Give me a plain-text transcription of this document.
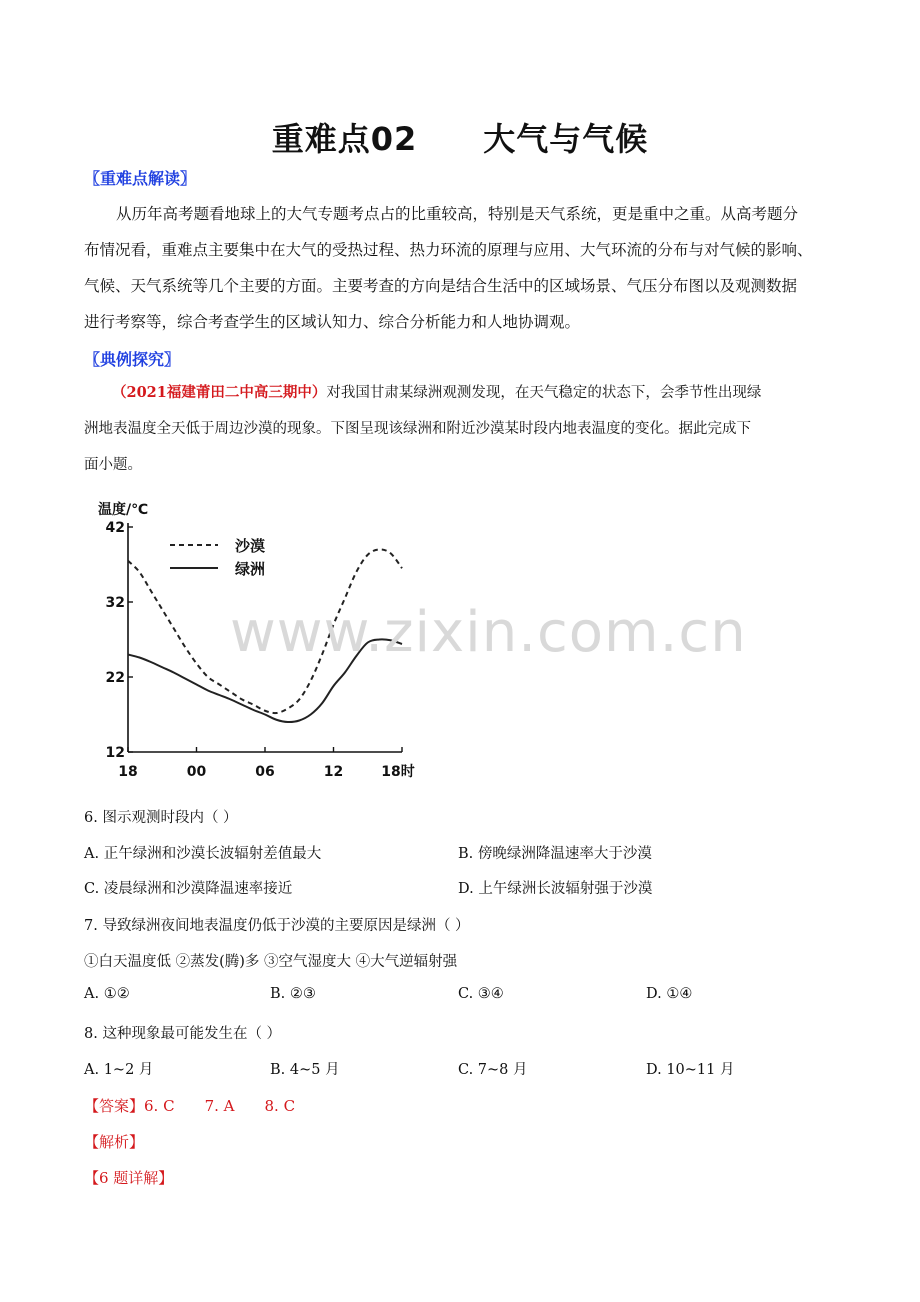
重难点02 大气与气候
〖重难点解读〗

从历年高考题看地球上的大气专题考点占的比重较高，特别是天气系统，更是重中之重。从高考题分

布情况看，重难点主要集中在大气的受热过程、热力环流的原理与应用、大气环流的分布与对气候的影响、

气候、天气系统等几个主要的方面。主要考查的方向是结合生活中的区域场景、气压分布图以及观测数据

进行考察等，综合考查学生的区域认知力、综合分析能力和人地协调观。

〖典例探究〗
（2021福建莆田二中高三期中）对我国甘肃某绿洲观测发现，在天气稳定的状态下，会季节性出现绿
洲地表温度全天低于周边沙漠的现象。下图呈现该绿洲和附近沙漠某时段内地表温度的变化。据此完成下
面小题。
温度/℃
42
32
22
12
18	00	06	12	18时
沙漠
绿洲
www.zixin.com.cn
6. 图示观测时段内（ ）
A. 正午绿洲和沙漠长波辐射差值最大	B. 傍晚绿洲降温速率大于沙漠
C. 凌晨绿洲和沙漠降温速率接近	D. 上午绿洲长波辐射强于沙漠
7. 导致绿洲夜间地表温度仍低于沙漠的主要原因是绿洲（ ）
①白天温度低 ②蒸发(腾)多 ③空气湿度大 ④大气逆辐射强
A. ①②	B. ②③	C. ③④	D. ①④
8. 这种现象最可能发生在（ ）
A. 1~2 月	B. 4~5 月	C. 7~8 月	D. 10~11 月
【答案】6. C 7. A 8. C
【解析】
【6 题详解】
